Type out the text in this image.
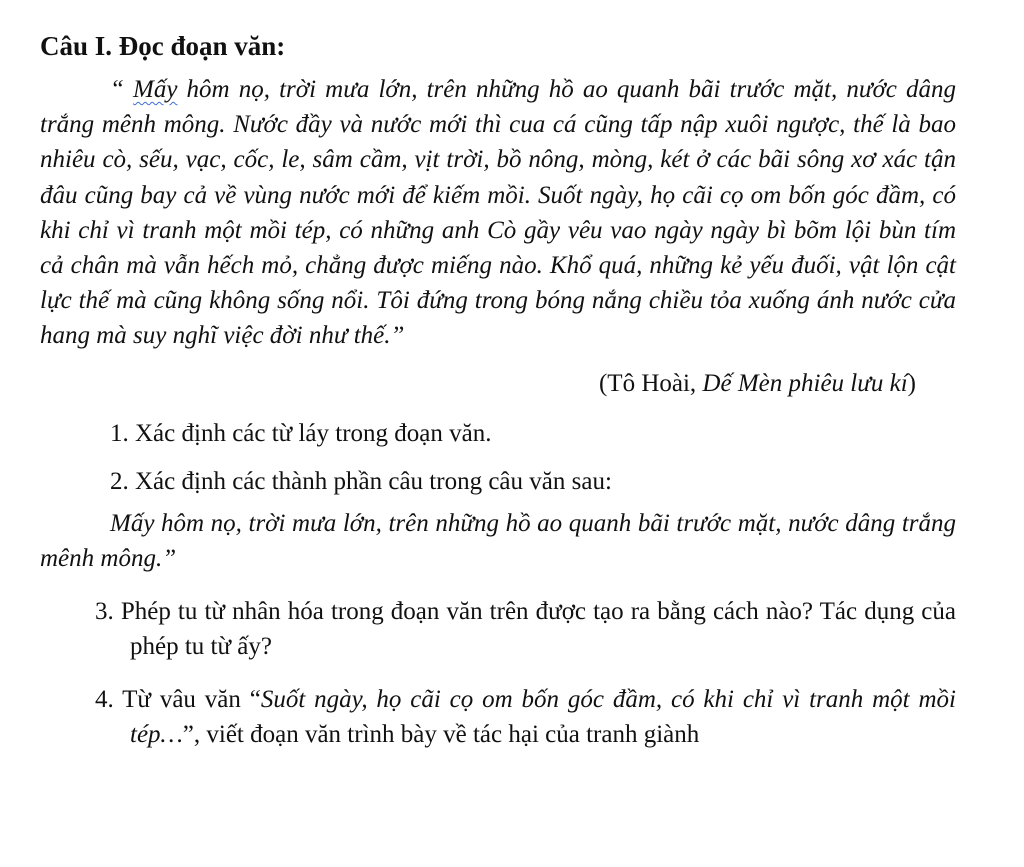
Câu I. Đọc đoạn văn:

“ Mấy hôm nọ, trời mưa lớn, trên những hồ ao quanh bãi trước mặt, nước dâng trắng mênh mông. Nước đầy và nước mới thì cua cá cũng tấp nập xuôi ngược, thế là bao nhiêu cò, sếu, vạc, cốc, le, sâm cầm, vịt trời, bồ nông, mòng, két ở các bãi sông xơ xác tận đâu cũng bay cả về vùng nước mới để kiếm mồi. Suốt ngày, họ cãi cọ om bốn góc đầm, có khi chỉ vì tranh một mồi tép, có những anh Cò gầy vêu vao ngày ngày bì bõm lội bùn tím cả chân mà vẫn hếch mỏ, chẳng được miếng nào. Khổ quá, những kẻ yếu đuối, vật lộn cật lực thế mà cũng không sống nổi. Tôi đứng trong bóng nắng chiều tỏa xuống ánh nước cửa hang mà suy nghĩ việc đời như thế.”

(Tô Hoài, Dế Mèn phiêu lưu kí)

1. Xác định các từ láy trong đoạn văn.

2. Xác định các thành phần câu trong câu văn sau:

Mấy hôm nọ, trời mưa lớn, trên những hồ ao quanh bãi trước mặt, nước dâng trắng mênh mông.”

3. Phép tu từ nhân hóa trong đoạn văn trên được tạo ra bằng cách nào? Tác dụng của phép tu từ ấy?

4. Từ vâu văn “Suốt ngày, họ cãi cọ om bốn góc đầm, có khi chỉ vì tranh một mồi tép…”, viết đoạn văn trình bày về tác hại của tranh giành
